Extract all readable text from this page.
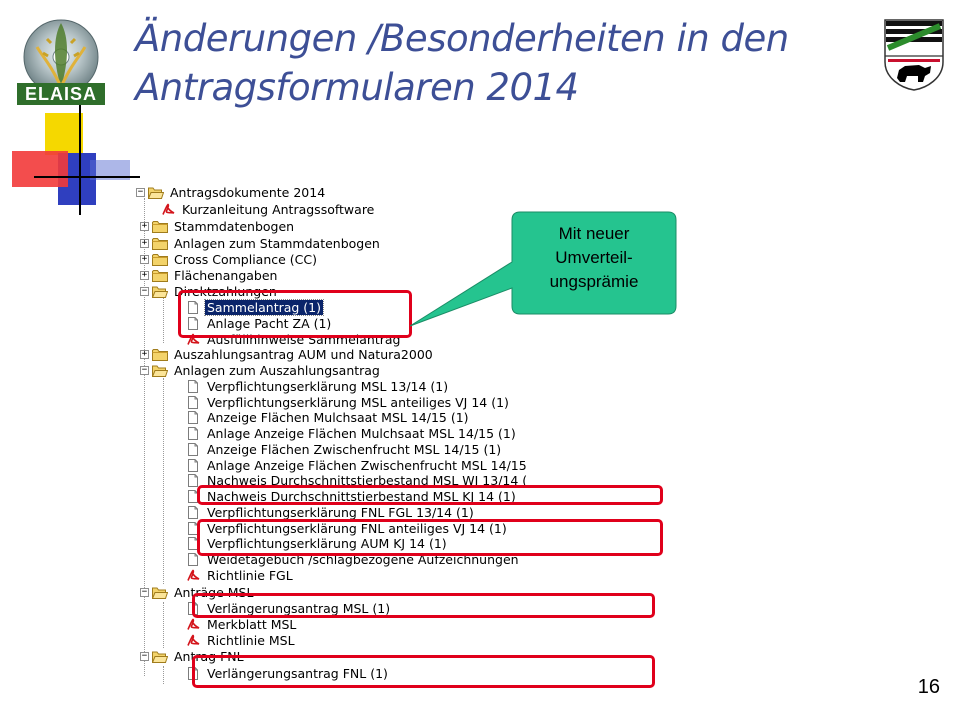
ELAISA
Änderungen /Besonderheiten in den
Antragsformularen 2014
− Antragsdokumente 2014
Kurzanleitung Antragssoftware
+ Stammdatenbogen
+ Anlagen zum Stammdatenbogen
+ Cross Compliance (CC)
+ Flächenangaben
− Direktzahlungen
Sammelantrag (1)
Anlage Pacht ZA (1)
Ausfüllhinweise Sammelantrag
+ Auszahlungsantrag AUM und Natura2000
− Anlagen zum Auszahlungsantrag
Verpflichtungserklärung MSL 13/14 (1)
Verpflichtungserklärung MSL anteiliges VJ 14 (1)
Anzeige Flächen Mulchsaat MSL 14/15 (1)
Anlage Anzeige Flächen Mulchsaat MSL 14/15 (1)
Anzeige Flächen Zwischenfrucht MSL 14/15 (1)
Anlage Anzeige Flächen Zwischenfrucht MSL 14/15
Nachweis Durchschnittstierbestand MSL WJ 13/14 (
Nachweis Durchschnittstierbestand MSL KJ 14 (1)
Verpflichtungserklärung FNL FGL 13/14 (1)
Verpflichtungserklärung FNL anteiliges VJ 14 (1)
Verpflichtungserklärung AUM KJ 14 (1)
Weidetagebuch /schlagbezogene Aufzeichnungen
Richtlinie FGL
− Anträge MSL
Verlängerungsantrag MSL (1)
Merkblatt MSL
Richtlinie MSL
− Antrag FNL
Verlängerungsantrag FNL (1)
Mit neuer
Umverteil-
ungsprämie
16
